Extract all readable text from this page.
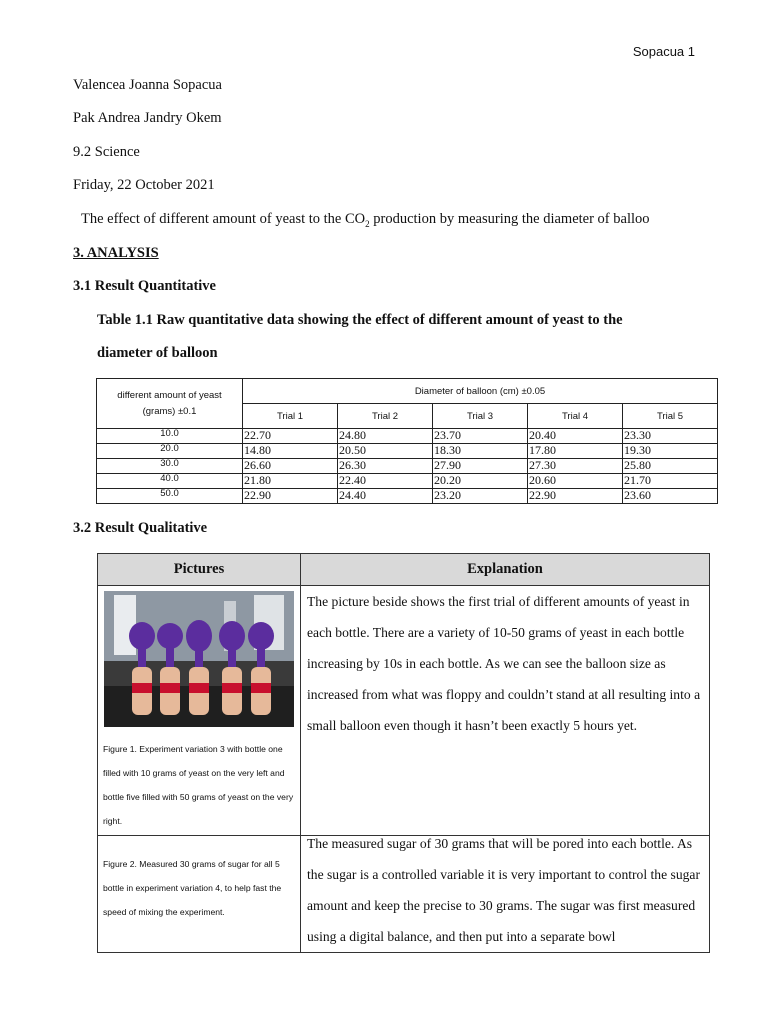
Sopacua 1
Valencea Joanna Sopacua
Pak Andrea Jandry Okem
9.2 Science
Friday, 22 October 2021
The effect of different amount of yeast to the $CO_2$ production by measuring the diameter of balloo
3. ANALYSIS
3.1 Result Quantitative
Table 1.1 Raw quantitative data showing the effect of different amount of yeast to the
diameter of balloon
different amount of yeast
(grams) ±0.1	Diameter of balloon (cm) ±0.05				
	Trial 1	Trial 2	Trial 3	Trial 4	Trial 5
10.0	22.70	24.80	23.70	20.40	23.30
20.0	14.80	20.50	18.30	17.80	19.30
30.0	26.60	26.30	27.90	27.30	25.80
40.0	21.80	22.40	20.20	20.60	21.70
50.0	22.90	24.40	23.20	22.90	23.60
3.2 Result Qualitative
Pictures	Explanation

Figure 1. Experiment variation 3 with bottle one filled with 10 grams of yeast on the very left and bottle five filled with 50 grams of yeast on the very right.	The picture beside shows the first trial of different amounts of yeast in each bottle. There are a variety of 10-50 grams of yeast in each bottle increasing by 10s in each bottle. As we can see the balloon size as increased from what was floppy and couldn’t stand at all resulting into a small balloon even though it hasn’t been exactly 5 hours yet.

Figure 2. Measured 30 grams of sugar for all 5 bottle in experiment variation 4, to help fast the speed of mixing the experiment.	The measured sugar of 30 grams that will be pored into each bottle. As the sugar is a controlled variable it is very important to control the sugar amount and keep the precise to 30 grams. The sugar was first measured using a digital balance, and then put into a separate bowl
